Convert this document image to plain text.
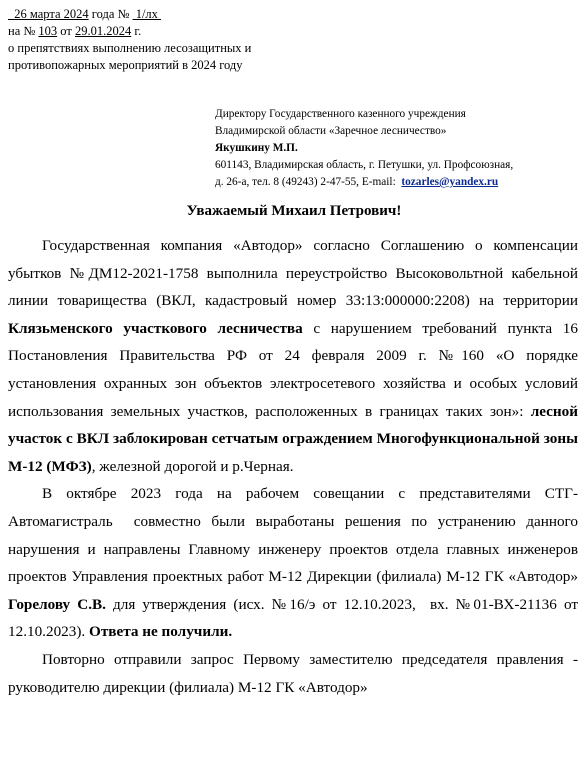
26 марта 2024 года №  1/лх
на № 103 от 29.01.2024 г.
о препятствиях выполнению лесозащитных и
противопожарных мероприятий в 2024 году
Директору Государственного казенного учреждения
Владимирской области «Заречное лесничество»
Якушкину М.П.
601143, Владимирская область, г. Петушки, ул. Профсоюзная,
д. 26-а, тел. 8 (49243) 2-47-55, E-mail:  tozarles@yandex.ru
Уважаемый Михаил Петрович!

Государственная компания «Автодор» согласно Соглашению о компенсации убытков №ДМ12-2021-1758 выполнила переустройство Высоковольтной кабельной линии товарищества (ВКЛ, кадастровый номер 33:13:000000:2208) на территории Клязьменского участкового лесничества с нарушением требований пункта 16 Постановления Правительства РФ от 24 февраля 2009 г. №160 «О порядке установления охранных зон объектов электросетевого хозяйства и особых условий использования земельных участков, расположенных в границах таких зон»: лесной участок с ВКЛ заблокирован сетчатым ограждением Многофункциональной зоны М-12 (МФЗ), железной дорогой и р.Черная.

В октябре 2023 года на рабочем совещании с представителями СТГ-Автомагистраль  совместно были выработаны решения по устранению данного нарушения и направлены Главному инженеру проектов отдела главных инженеров проектов Управления проектных работ М-12 Дирекции (филиала) М-12 ГК «Автодор» Горелову С.В. для утверждения (исх. №16/э от 12.10.2023,  вх. №01-ВХ-21136 от 12.10.2023). Ответа не получили.

Повторно отправили запрос Первому заместителю председателя правления - руководителю дирекции (филиала) М-12 ГК «Автодор»
